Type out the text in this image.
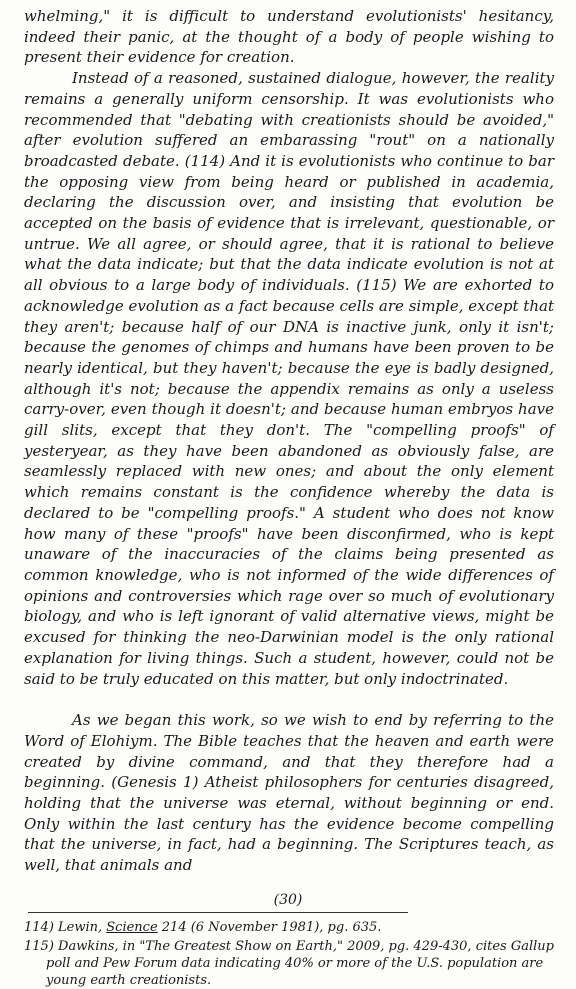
whelming," it is difficult to understand evolutionists' hesitancy, indeed their panic, at the thought of a body of people wishing to present their evidence for creation.

Instead of a reasoned, sustained dialogue, however, the reality remains a generally uniform censorship. It was evolutionists who recommended that "debating with creationists should be avoided," after evolution suffered an embarassing "rout" on a nationally broadcasted debate. (114) And it is evolutionists who continue to bar the opposing view from being heard or published in academia, declaring the discussion over, and insisting that evolution be accepted on the basis of evidence that is irrelevant, questionable, or untrue. We all agree, or should agree, that it is rational to believe what the data indicate; but that the data indicate evolution is not at all obvious to a large body of individuals. (115) We are exhorted to acknowledge evolution as a fact because cells are simple, except that they aren't; because half of our DNA is inactive junk, only it isn't; because the genomes of chimps and humans have been proven to be nearly identical, but they haven't; because the eye is badly designed, although it's not; because the appendix remains as only a useless carry-over, even though it doesn't; and because human embryos have gill slits, except that they don't. The "compelling proofs" of yesteryear, as they have been abandoned as obviously false, are seamlessly replaced with new ones; and about the only element which remains constant is the confidence whereby the data is declared to be "compelling proofs." A student who does not know how many of these "proofs" have been disconfirmed, who is kept unaware of the inaccuracies of the claims being presented as common knowledge, who is not informed of the wide differences of opinions and controversies which rage over so much of evolutionary biology, and who is left ignorant of valid alternative views, might be excused for thinking the neo-Darwinian model is the only rational explanation for living things. Such a student, however, could not be said to be truly educated on this matter, but only indoctrinated.

As we began this work, so we wish to end by referring to the Word of Elohiym. The Bible teaches that the heaven and earth were created by divine command, and that they therefore had a beginning. (Genesis 1) Atheist philosophers for centuries disagreed, holding that the universe was eternal, without beginning or end. Only within the last century has the evidence become compelling that the universe, in fact, had a beginning. The Scriptures teach, as well, that animals and

114) Lewin, Science 214 (6 November 1981), pg. 635.

115) Dawkins, in "The Greatest Show on Earth," 2009, pg. 429-430, cites Gallup poll and Pew Forum data indicating 40% or more of the U.S. population are young earth creationists.

(30)
